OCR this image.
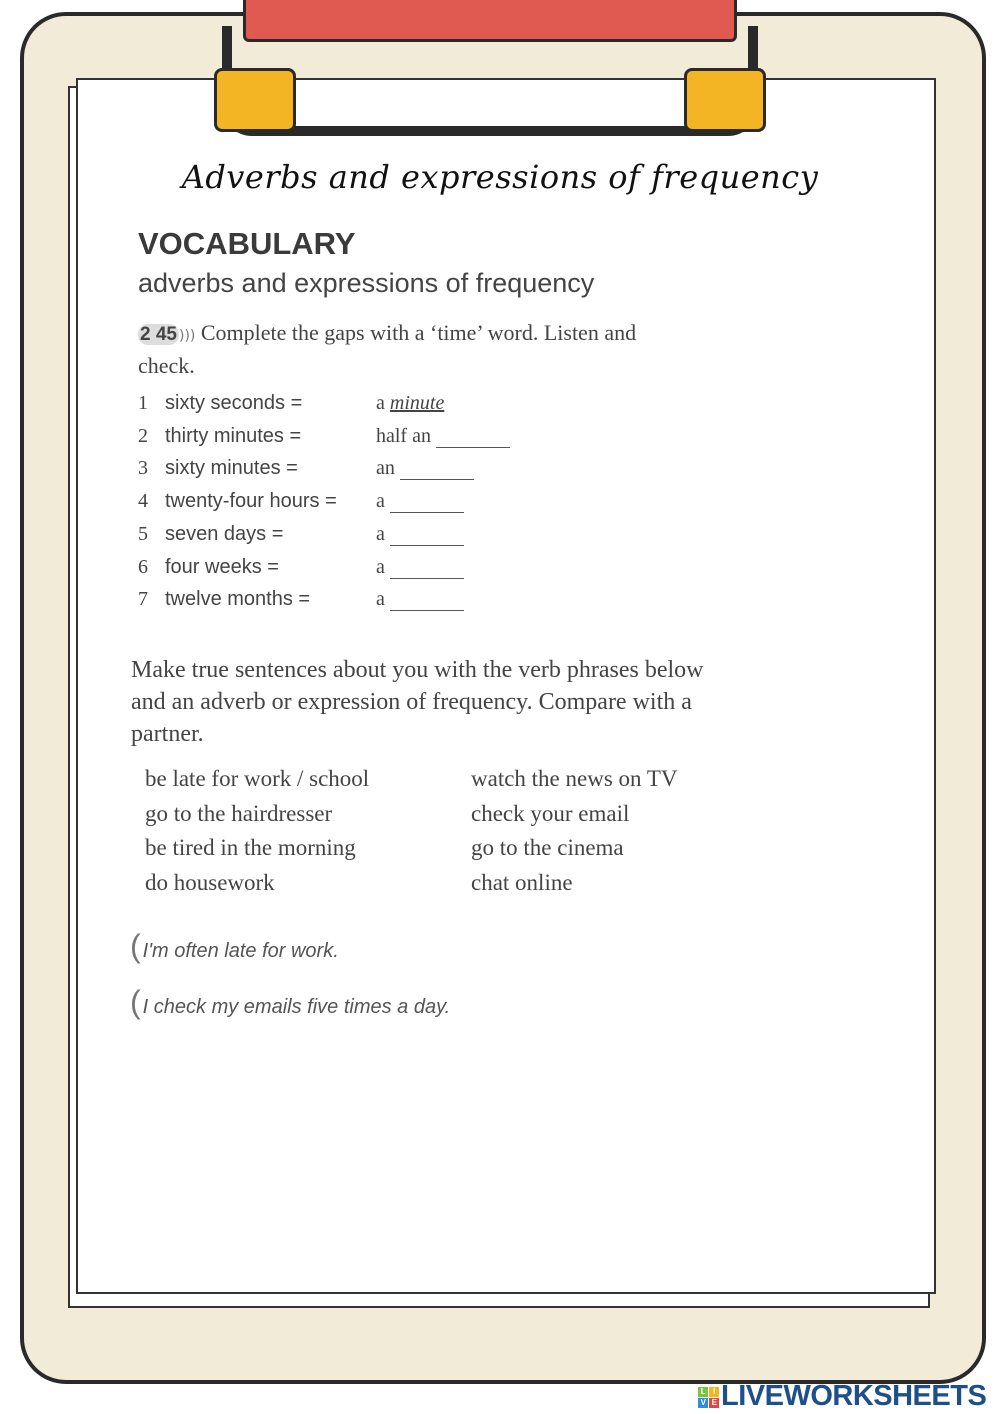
Adverbs and expressions of frequency
VOCABULARY
adverbs and expressions of frequency
2 45 ))) Complete the gaps with a ‘time’ word. Listen and check.
1 sixty seconds =	a minute
2 thirty minutes =	half an
3 sixty minutes =	an
4 twenty-four hours =	a
5 seven days =	a
6 four weeks =	a
7 twelve months =	a
Make true sentences about you with the verb phrases below and an adverb or expression of frequency. Compare with a partner.
be late for work / school
go to the hairdresser
be tired in the morning
do housework
watch the news on TV
check your email
go to the cinema
chat online
( I'm often late for work.
( I check my emails five times a day.
L I
V E LIVEWORKSHEETS
